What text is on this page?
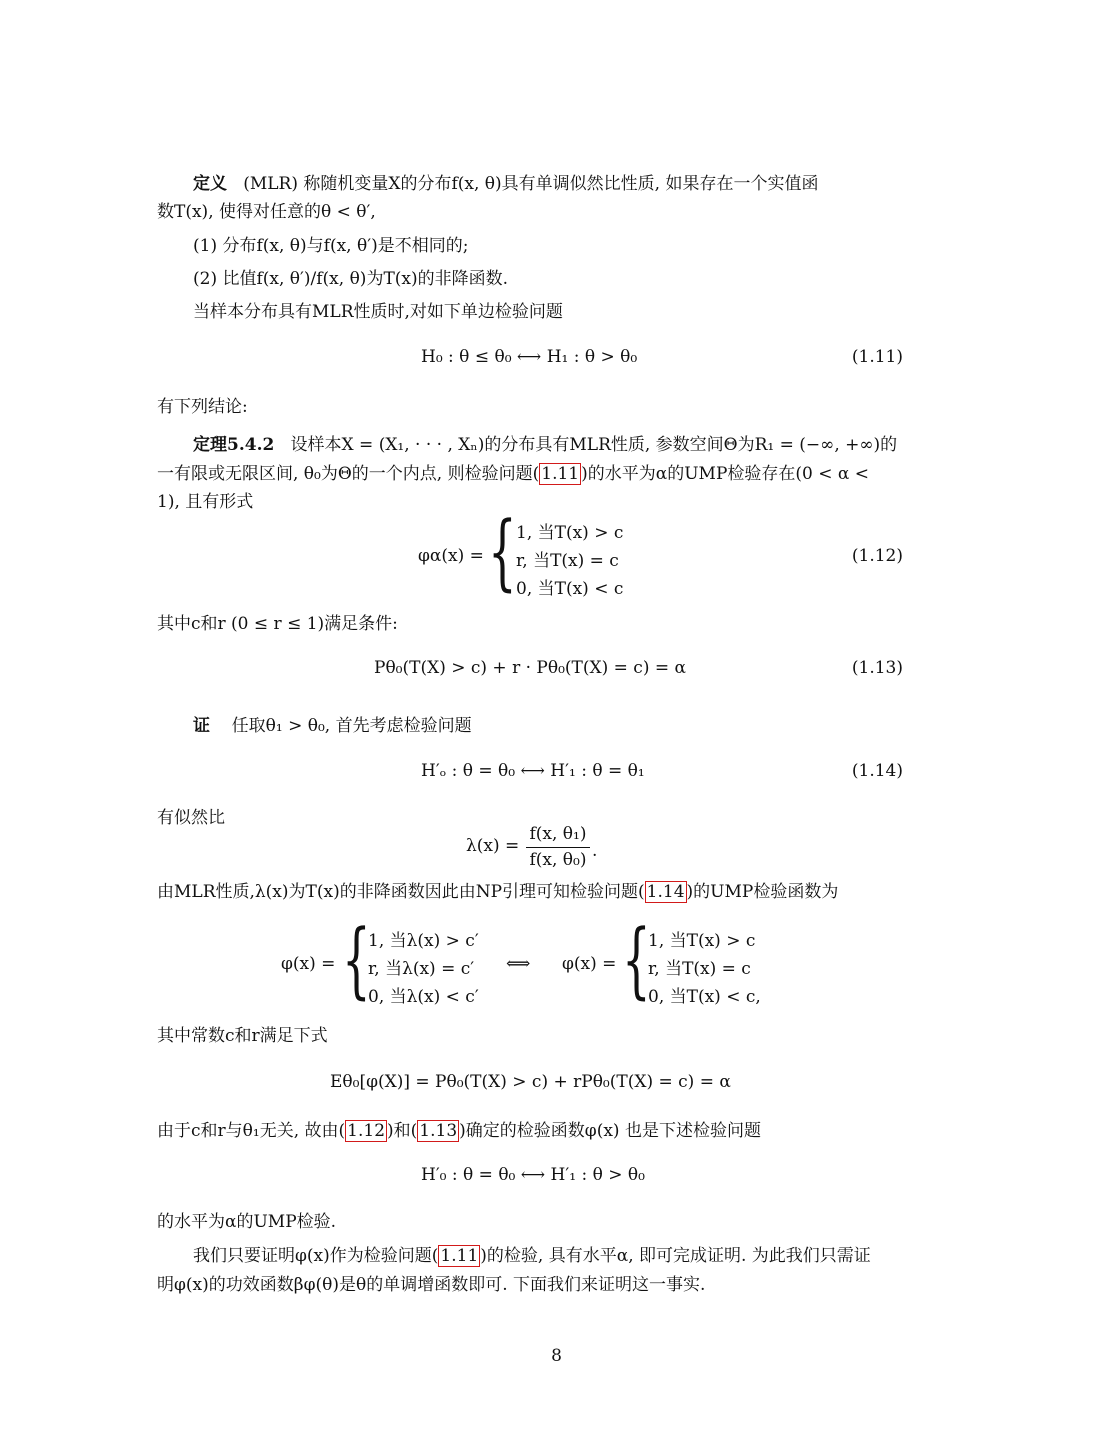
定义 (MLR) 称随机变量X的分布f(x, θ)具有单调似然比性质, 如果存在一个实值函
数T(x), 使得对任意的θ < θ′,
(1) 分布f(x, θ)与f(x, θ′)是不相同的;
(2) 比值f(x, θ′)/f(x, θ)为T(x)的非降函数.
当样本分布具有MLR性质时,对如下单边检验问题
H₀ : θ ≤ θ₀ ⟷ H₁ : θ > θ₀	(1.11)
有下列结论:
定理5.4.2 设样本X = (X₁, · · · , Xₙ)的分布具有MLR性质, 参数空间Θ为R₁ = (−∞, +∞)的
一有限或无限区间, θ₀为Θ的一个内点, 则检验问题( 1.11 )的水平为α的UMP检验存在(0 < α <
1), 且有形式
φα(x) = { 1, 当T(x) > c
r, 当T(x) = c
0, 当T(x) < c
(1.12)
其中c和r (0 ≤ r ≤ 1)满足条件:
Pθ₀(T(X) > c) + r · Pθ₀(T(X) = c) = α	(1.13)
证 任取θ₁ > θ₀, 首先考虑检验问题
H′ₒ : θ = θ₀ ⟷ H′₁ : θ = θ₁	(1.14)
有似然比
λ(x) =
f(x, θ₁)
f(x, θ₀) .
由MLR性质,λ(x)为T(x)的非降函数因此由NP引理可知检验问题( 1.14 )的UMP检验函数为
φ(x) = {
1, 当λ(x) > c′
r, 当λ(x) = c′
0, 当λ(x) < c′
⟺ φ(x) = {
1, 当T(x) > c
r, 当T(x) = c
0, 当T(x) < c,
其中常数c和r满足下式
Eθ₀[φ(X)] = Pθ₀(T(X) > c) + rPθ₀(T(X) = c) = α
由于c和r与θ₁无关, 故由( 1.12 )和( 1.13 )确定的检验函数φ(x) 也是下述检验问题
H′₀ : θ = θ₀ ⟷ H′₁ : θ > θ₀
的水平为α的UMP检验.
我们只要证明φ(x)作为检验问题( 1.11 )的检验, 具有水平α, 即可完成证明. 为此我们只需证
明φ(x)的功效函数βφ(θ)是θ的单调增函数即可. 下面我们来证明这一事实.
8
